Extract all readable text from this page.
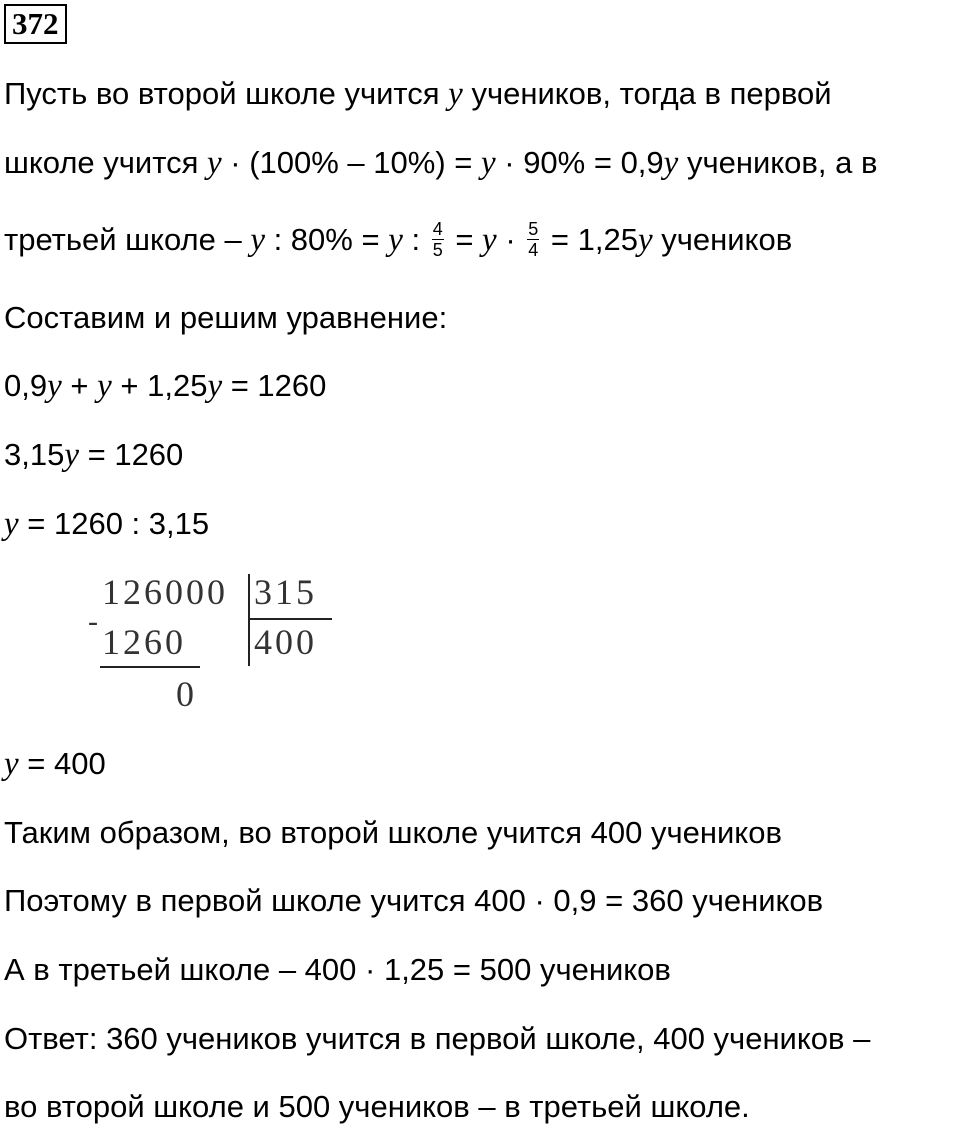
372
Пусть во второй школе учится y учеников, тогда в первой
школе учится y · (100% – 10%) = y · 90% = 0,9y учеников, а в
третьей школе – y : 80% = y : $\frac{4}{5} = y \cdot \frac{5}{4} = 1,25y$ учеников
Составим и решим уравнение:
0,9y + y + 1,25y = 1260
3,15y = 1260
y = 1260 : 3,15
126000 315
-
1260 400
0
y = 400
Таким образом, во второй школе учится 400 учеников
Поэтому в первой школе учится 400 · 0,9 = 360 учеников
А в третьей школе – 400 · 1,25 = 500 учеников
Ответ: 360 учеников учится в первой школе, 400 учеников –
во второй школе и 500 учеников – в третьей школе.
